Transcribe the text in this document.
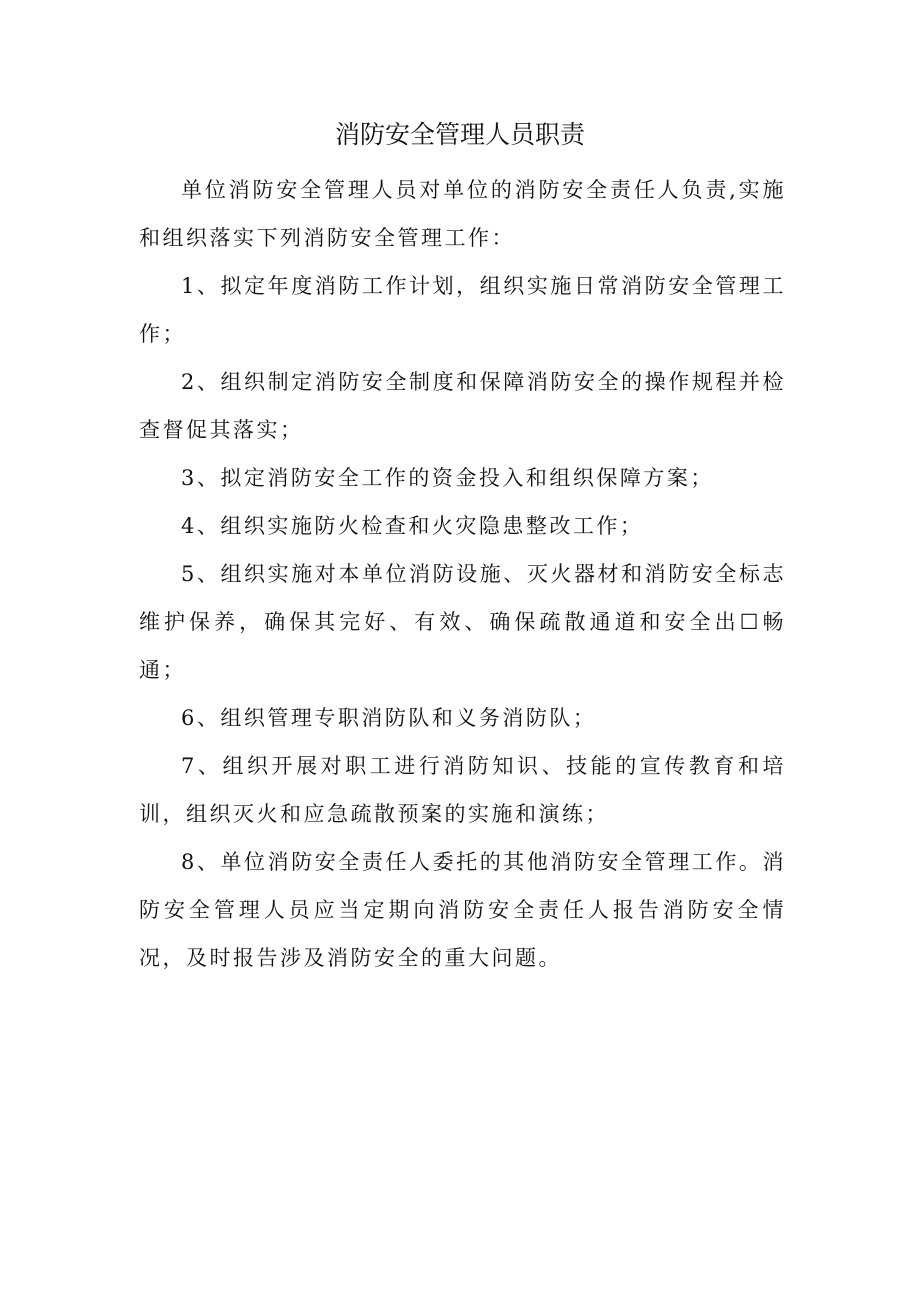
消防安全管理人员职责

单位消防安全管理人员对单位的消防安全责任人负责,实施和组织落实下列消防安全管理工作：

1、拟定年度消防工作计划，组织实施日常消防安全管理工作；

2、组织制定消防安全制度和保障消防安全的操作规程并检查督促其落实；

3、拟定消防安全工作的资金投入和组织保障方案；

4、组织实施防火检查和火灾隐患整改工作；

5、组织实施对本单位消防设施、灭火器材和消防安全标志维护保养，确保其完好、有效、确保疏散通道和安全出☐畅通；

6、组织管理专职消防队和义务消防队；

7、组织开展对职工进行消防知识、技能的宣传教育和培训，组织灭火和应急疏散预案的实施和演练；

8、单位消防安全责任人委托的其他消防安全管理工作。消防安全管理人员应当定期向消防安全责任人报告消防安全情况，及时报告涉及消防安全的重大问题。
